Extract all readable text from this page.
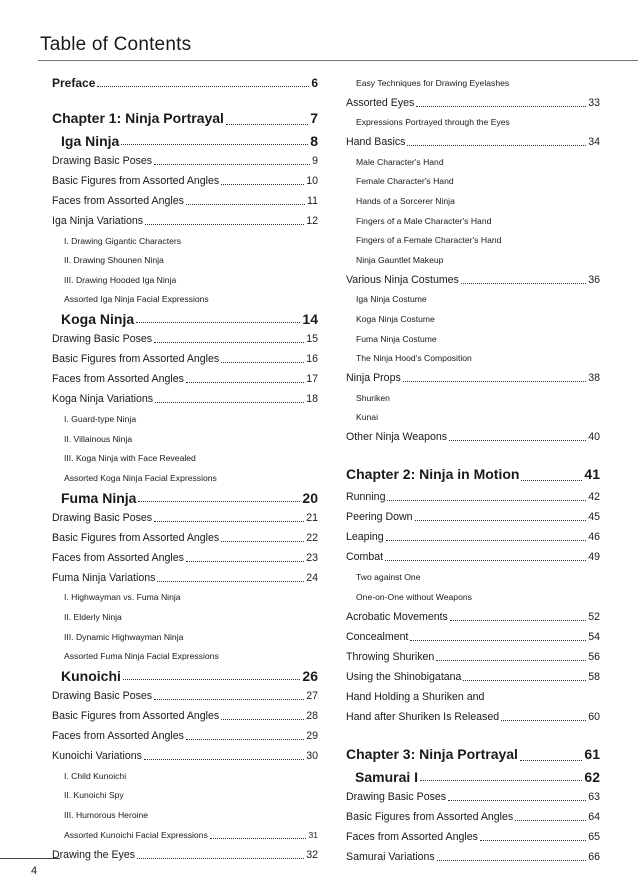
Table of Contents
Preface	6
Chapter 1: Ninja Portrayal	7
Iga Ninja	8
Drawing Basic Poses	9
Basic Figures from Assorted Angles	10
Faces from Assorted Angles	11
Iga Ninja Variations	12
I. Drawing Gigantic Characters
II. Drawing Shounen Ninja
III. Drawing Hooded Iga Ninja
Assorted Iga Ninja Facial Expressions
Koga Ninja	14
Drawing Basic Poses	15
Basic Figures from Assorted Angles	16
Faces from Assorted Angles	17
Koga Ninja Variations	18
I. Guard-type Ninja
II. Villainous Ninja
III. Koga Ninja with Face Revealed
Assorted Koga Ninja Facial Expressions
Fuma Ninja	20
Drawing Basic Poses	21
Basic Figures from Assorted Angles	22
Faces from Assorted Angles	23
Fuma Ninja Variations	24
I. Highwayman vs. Fuma Ninja
II. Elderly Ninja
III. Dynamic Highwayman Ninja
Assorted Fuma Ninja Facial Expressions
Kunoichi	26
Drawing Basic Poses	27
Basic Figures from Assorted Angles	28
Faces from Assorted Angles	29
Kunoichi Variations	30
I. Child Kunoichi
II. Kunoichi Spy
III. Humorous Heroine
Assorted Kunoichi Facial Expressions	31
Drawing the Eyes	32
Easy Techniques for Drawing Eyelashes
Assorted Eyes	33
Expressions Portrayed through the Eyes
Hand Basics	34
Male Character's Hand
Female Character's Hand
Hands of a Sorcerer Ninja
Fingers of a Male Character's Hand
Fingers of a Female Character's Hand
Ninja Gauntlet Makeup
Various Ninja Costumes	36
Iga Ninja Costume
Koga Ninja Costume
Fuma Ninja Costume
The Ninja Hood's Composition
Ninja Props	38
Shuriken
Kunai
Other Ninja Weapons	40
Chapter 2: Ninja in Motion	41
Running	42
Peering Down	45
Leaping	46
Combat	49
Two against One
One-on-One without Weapons
Acrobatic Movements	52
Concealment	54
Throwing Shuriken	56
Using the Shinobigatana	58
Hand Holding a Shuriken and
Hand after Shuriken Is Released	60
Chapter 3: Ninja Portrayal	61
Samurai I	62
Drawing Basic Poses	63
Basic Figures from Assorted Angles	64
Faces from Assorted Angles	65
Samurai Variations	66
4
